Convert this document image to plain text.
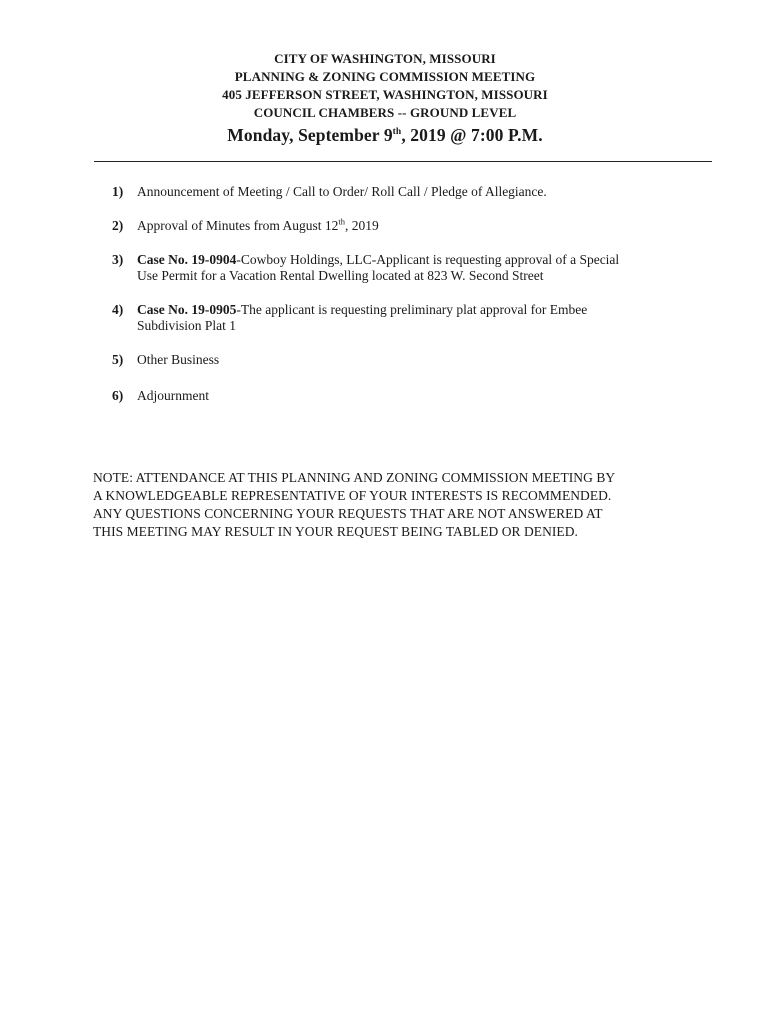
CITY OF WASHINGTON, MISSOURI
PLANNING & ZONING COMMISSION MEETING
405 JEFFERSON STREET, WASHINGTON, MISSOURI
COUNCIL CHAMBERS -- GROUND LEVEL
Monday, September 9th, 2019 @ 7:00 P.M.
1) Announcement of Meeting / Call to Order/ Roll Call / Pledge of Allegiance.
2) Approval of Minutes from August 12th, 2019
3) Case No. 19-0904-Cowboy Holdings, LLC-Applicant is requesting approval of a Special
Use Permit for a Vacation Rental Dwelling located at 823 W. Second Street
4) Case No. 19-0905-The applicant is requesting preliminary plat approval for Embee
Subdivision Plat 1
5) Other Business
6) Adjournment
NOTE: ATTENDANCE AT THIS PLANNING AND ZONING COMMISSION MEETING BY
A KNOWLEDGEABLE REPRESENTATIVE OF YOUR INTERESTS IS RECOMMENDED.
ANY QUESTIONS CONCERNING YOUR REQUESTS THAT ARE NOT ANSWERED AT
THIS MEETING MAY RESULT IN YOUR REQUEST BEING TABLED OR DENIED.
